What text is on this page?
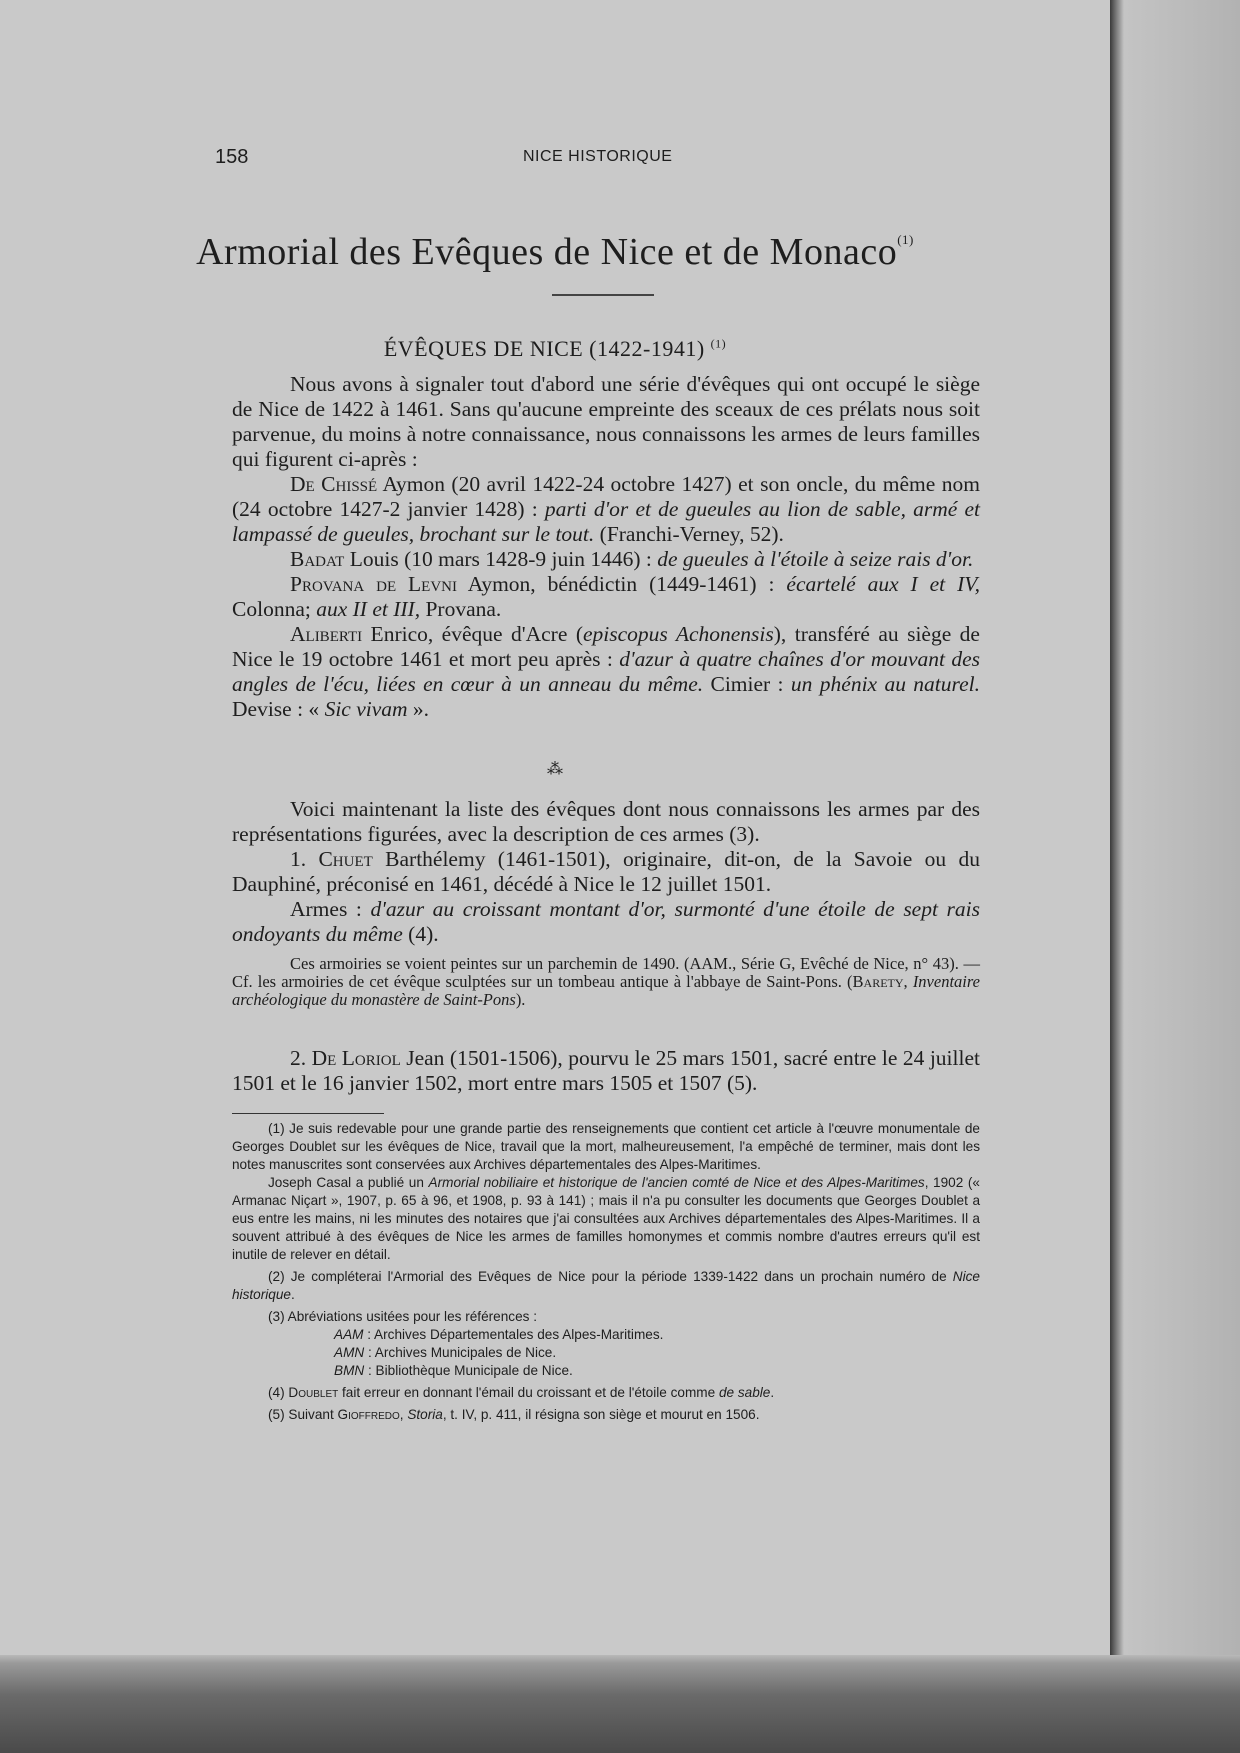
158	NICE HISTORIQUE
Armorial des Evêques de Nice et de Monaco$^{(1)}$
ÉVÊQUES DE NICE (1422-1941) $^{(1)}$

Nous avons à signaler tout d'abord une série d'évêques qui ont occupé le siège de Nice de 1422 à 1461. Sans qu'aucune empreinte des sceaux de ces prélats nous soit parvenue, du moins à notre connaissance, nous connaissons les armes de leurs familles qui figurent ci-après :

De Chissé Aymon (20 avril 1422-24 octobre 1427) et son oncle, du même nom (24 octobre 1427-2 janvier 1428) : parti d'or et de gueules au lion de sable, armé et lampassé de gueules, brochant sur le tout. (Franchi-Verney, 52).

Badat Louis (10 mars 1428-9 juin 1446) : de gueules à l'étoile à seize rais d'or.

Provana de Levni Aymon, bénédictin (1449-1461) : écartelé aux I et IV, Colonna; aux II et III, Provana.

Aliberti Enrico, évêque d'Acre (episcopus Achonensis), transféré au siège de Nice le 19 octobre 1461 et mort peu après : d'azur à quatre chaînes d'or mouvant des angles de l'écu, liées en cœur à un anneau du même. Cimier : un phénix au naturel. Devise : « Sic vivam ».

⁂

Voici maintenant la liste des évêques dont nous connaissons les armes par des représentations figurées, avec la description de ces armes (3).

1. Chuet Barthélemy (1461-1501), originaire, dit-on, de la Savoie ou du Dauphiné, préconisé en 1461, décédé à Nice le 12 juillet 1501.

Armes : d'azur au croissant montant d'or, surmonté d'une étoile de sept rais ondoyants du même (4).

Ces armoiries se voient peintes sur un parchemin de 1490. (AAM., Série G, Evêché de Nice, n° 43). — Cf. les armoiries de cet évêque sculptées sur un tombeau antique à l'abbaye de Saint-Pons. (Barety, Inventaire archéologique du monastère de Saint-Pons).

2. De Loriol Jean (1501-1506), pourvu le 25 mars 1501, sacré entre le 24 juillet 1501 et le 16 janvier 1502, mort entre mars 1505 et 1507 (5).

(1) Je suis redevable pour une grande partie des renseignements que contient cet article à l'œuvre monumentale de Georges Doublet sur les évêques de Nice, travail que la mort, malheureusement, l'a empêché de terminer, mais dont les notes manuscrites sont conservées aux Archives départementales des Alpes-Maritimes.

Joseph Casal a publié un Armorial nobiliaire et historique de l'ancien comté de Nice et des Alpes-Maritimes, 1902 (« Armanac Niçart », 1907, p. 65 à 96, et 1908, p. 93 à 141) ; mais il n'a pu consulter les documents que Georges Doublet a eus entre les mains, ni les minutes des notaires que j'ai consultées aux Archives départementales des Alpes-Maritimes. Il a souvent attribué à des évêques de Nice les armes de familles homonymes et commis nombre d'autres erreurs qu'il est inutile de relever en détail.

(2) Je compléterai l'Armorial des Evêques de Nice pour la période 1339-1422 dans un prochain numéro de Nice historique.

(3) Abréviations usitées pour les références :

AAM : Archives Départementales des Alpes-Maritimes.

AMN : Archives Municipales de Nice.

BMN : Bibliothèque Municipale de Nice.

(4) Doublet fait erreur en donnant l'émail du croissant et de l'étoile comme de sable.

(5) Suivant Gioffredo, Storia, t. IV, p. 411, il résigna son siège et mourut en 1506.
